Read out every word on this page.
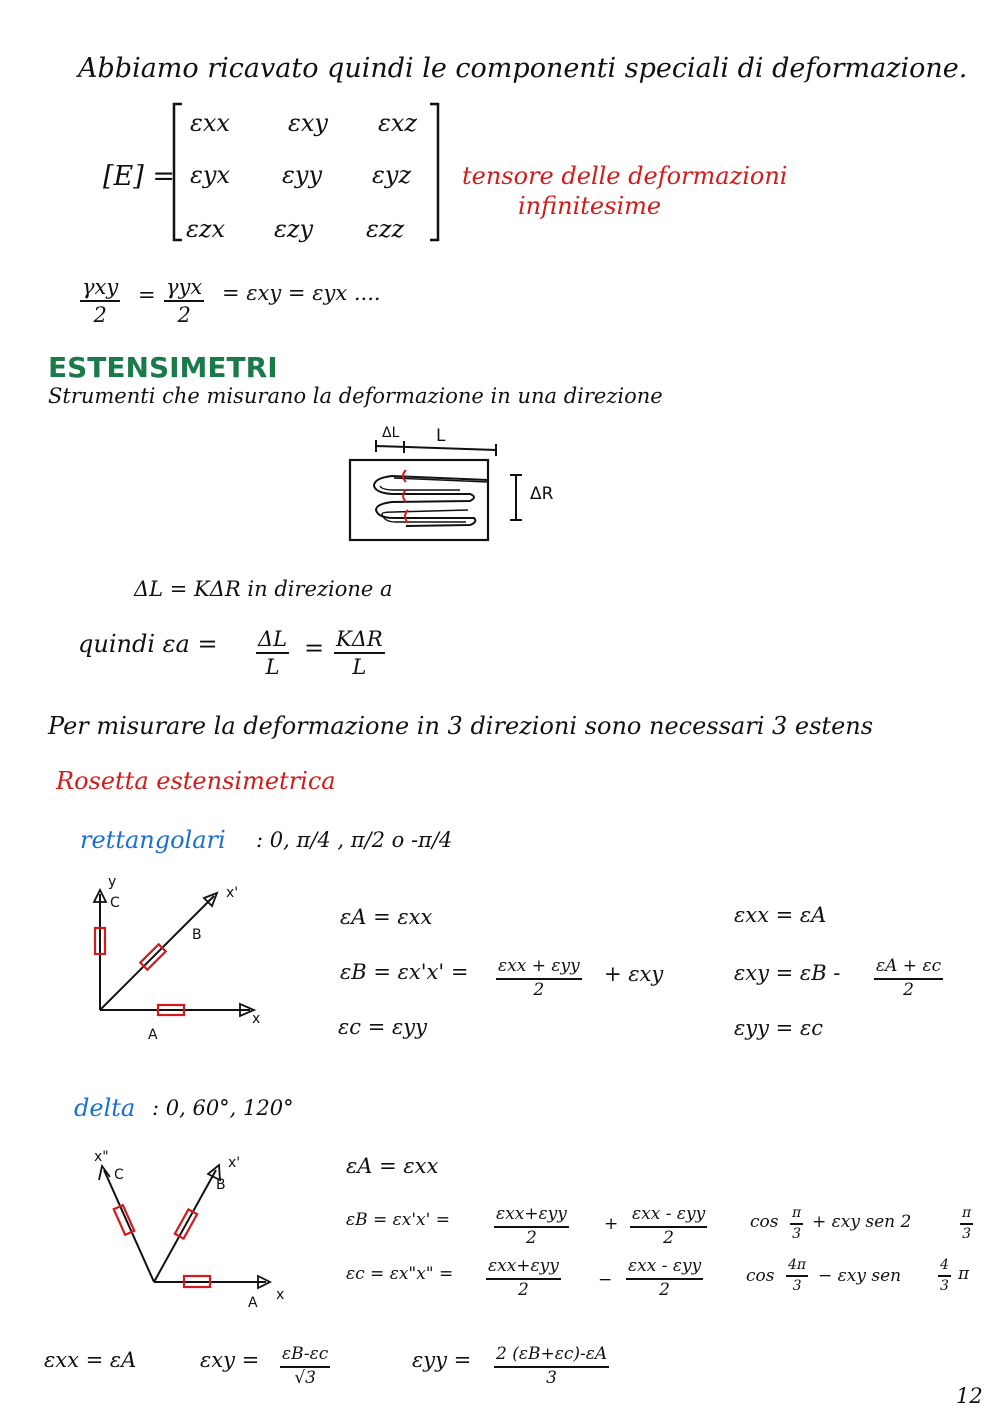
Abbiamo ricavato quindi le componenti speciali di deformazione.
[E] =
εxx εxy εxz
εyx εyy εyz
εzx εzy εzz
tensore delle deformazioni
infinitesime
γxy
2
= γyx
2
= εxy = εyx ....
ESTENSIMETRI
Strumenti che misurano la deformazione in una direzione
ΔL L
ΔR
ΔL = KΔR in direzione a
quindi $\varepsilon a = \frac{\Delta L}{L} = K\Delta R$
L
Per misurare la deformazione in 3 direzioni sono necessari 3 estens
Rosetta estensimetrica
rettangolari : 0, π/4 , π/2 o -π/4
y
C
x'
B
x
A
εA = εxx
εB = εx'x' = εxx + εyy
2
+ εxy
εc = εyy
εxx = εA
$\varepsilon xy = \varepsilon B - \frac{\varepsilon A + \varepsilon c}{2}$
εyy = εc
delta : 0, 60°, 120°
x"
C
x'
B
A x
εA = εxx
εB = εx'x' =	εxx+εyy
2
+ εxx - εyy
2
$\cos \frac{\pi}{3} + \varepsilon xy$ sen 2	$\frac{\pi}{3}$
εc = εx"x" = εxx+εyy
2	−
εxx - εyy
2
$\cos \frac{4\pi}{3} - \varepsilon xy$ sen	$\frac{4}{3}$ π
εxx = εA	$\varepsilon xy = \frac{\varepsilon B-\varepsilon c}{√3}$	$\varepsilon yy = \frac{2 (\varepsilon B+\varepsilon c)-\varepsilon A}{3}$
12
